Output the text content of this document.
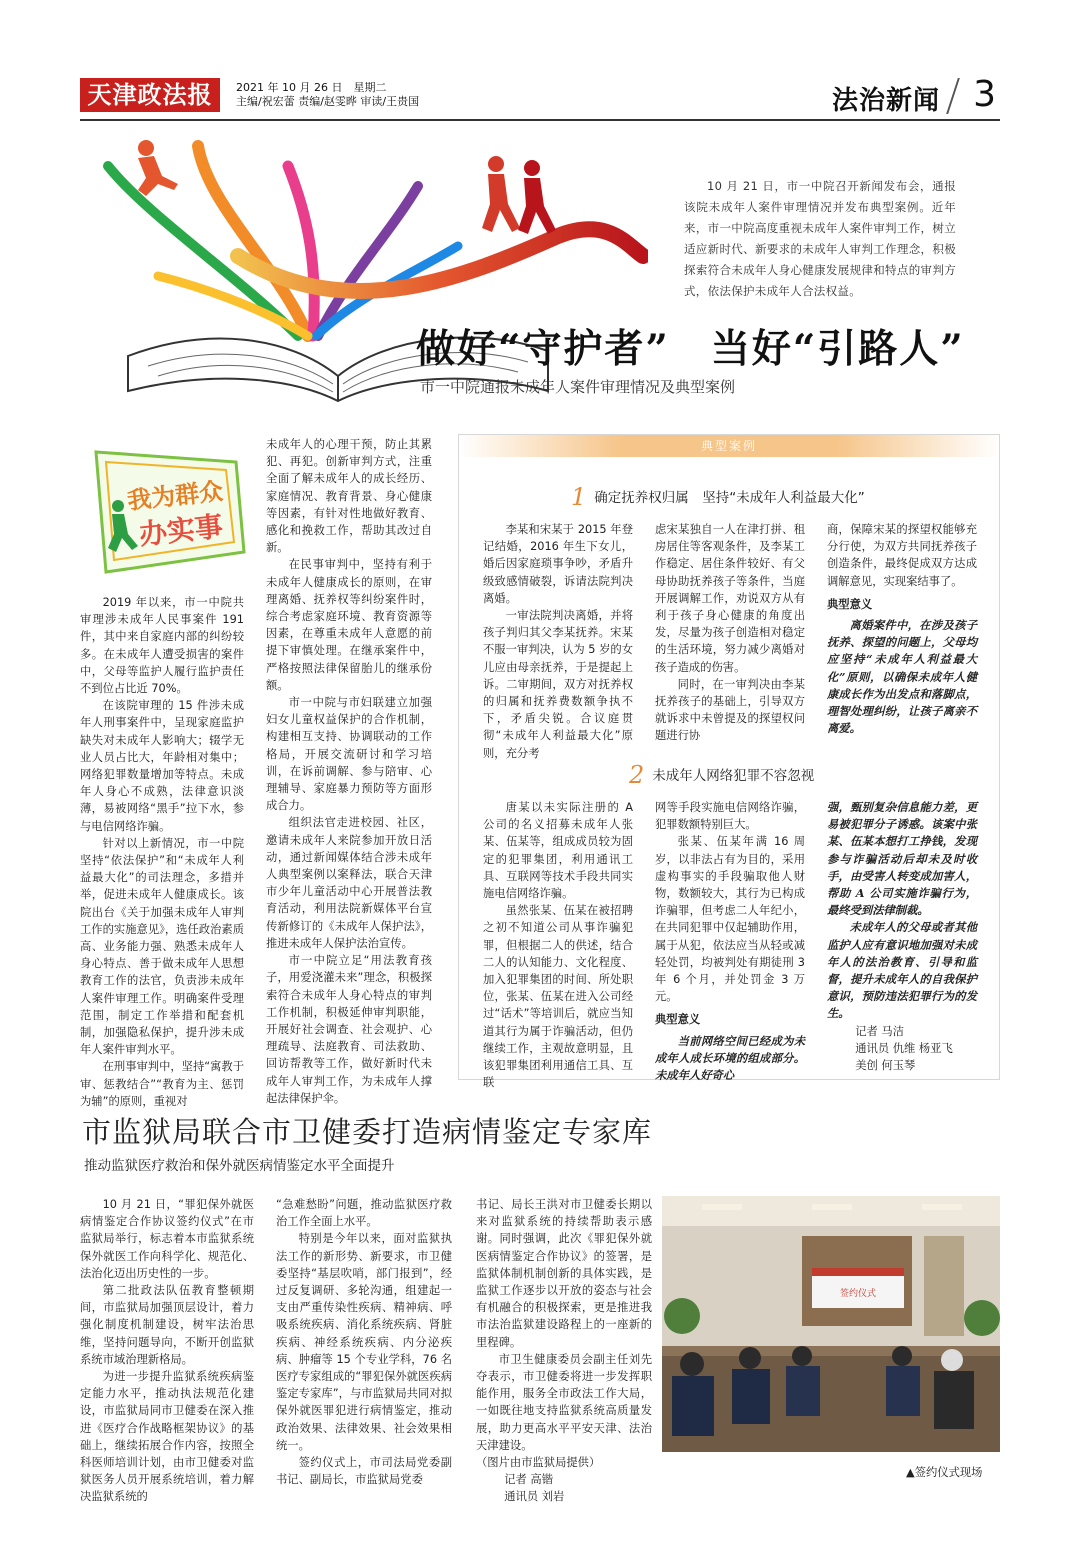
天津政法报	2021 年 10 月 26 日　星期二
主编/祝宏蕾 责编/赵雯晔 审读/王贵国	法治新闻 3
10 月 21 日，市一中院召开新闻发布会，通报该院未成年人案件审理情况并发布典型案例。近年来，市一中院高度重视未成年人案件审判工作，树立适应新时代、新要求的未成年人审判工作理念，积极探索符合未成年人身心健康发展规律和特点的审判方式，依法保护未成年人合法权益。
做好“守护者”　当好“引路人”
市一中院通报未成年人案件审理情况及典型案例
我为群众
办实事

2019 年以来，市一中院共审理涉未成年人民事案件 191 件，其中来自家庭内部的纠纷较多。在未成年人遭受损害的案件中，父母等监护人履行监护责任不到位占比近 70%。

在该院审理的 15 件涉未成年人刑事案件中，呈现家庭监护缺失对未成年人影响大；辍学无业人员占比大，年龄相对集中；网络犯罪数量增加等特点。未成年人身心不成熟，法律意识淡薄，易被网络“黑手”拉下水，参与电信网络诈骗。

针对以上新情况，市一中院坚持“依法保护”和“未成年人利益最大化”的司法理念，多措并举，促进未成年人健康成长。该院出台《关于加强未成年人审判工作的实施意见》，选任政治素质高、业务能力强、熟悉未成年人身心特点、善于做未成年人思想教育工作的法官，负责涉未成年人案件审理工作。明确案件受理范围，制定工作举措和配套机制，加强隐私保护，提升涉未成年人案件审判水平。

在刑事审判中，坚持“寓教于审、惩教结合”“教育为主、惩罚为辅”的原则，重视对

未成年人的心理干预，防止其累犯、再犯。创新审判方式，注重全面了解未成年人的成长经历、家庭情况、教育背景、身心健康等因素，有针对性地做好教育、感化和挽救工作，帮助其改过自新。

在民事审判中，坚持有利于未成年人健康成长的原则，在审理离婚、抚养权等纠纷案件时，综合考虑家庭环境、教育资源等因素，在尊重未成年人意愿的前提下审慎处理。在继承案件中，严格按照法律保留胎儿的继承份额。

市一中院与市妇联建立加强妇女儿童权益保护的合作机制，构建相互支持、协调联动的工作格局，开展交流研讨和学习培训，在诉前调解、参与陪审、心理辅导、家庭暴力预防等方面形成合力。

组织法官走进校园、社区，邀请未成年人来院参加开放日活动，通过新闻媒体结合涉未成年人典型案例以案释法，联合天津市少年儿童活动中心开展普法教育活动，利用法院新媒体平台宣传新修订的《未成年人保护法》，推进未成年人保护法治宣传。

市一中院立足“用法教育孩子，用爱浇灌未来”理念，积极探索符合未成年人身心特点的审判工作机制，积极延伸审判职能，开展好社会调查、社会观护、心理疏导、法庭教育、司法救助、回访帮教等工作，做好新时代未成年人审判工作，为未成年人撑起法律保护伞。

典型案例
1 确定抚养权归属　坚持“未成年人利益最大化”

李某和宋某于 2015 年登记结婚，2016 年生下女儿，婚后因家庭琐事争吵，矛盾升级致感情破裂，诉请法院判决离婚。

一审法院判决离婚，并将孩子判归其父李某抚养。宋某不服一审判决，认为 5 岁的女儿应由母亲抚养，于是提起上诉。二审期间，双方对抚养权的归属和抚养费数额争执不下，矛盾尖锐。合议庭贯彻“未成年人利益最大化”原则，充分考

虑宋某独自一人在津打拼、租房居住等客观条件，及李某工作稳定、居住条件较好、有父母协助抚养孩子等条件，当庭开展调解工作，劝说双方从有利于孩子身心健康的角度出发，尽量为孩子创造相对稳定的生活环境，努力减少离婚对孩子造成的伤害。

同时，在一审判决由李某抚养孩子的基础上，引导双方就诉求中未曾提及的探望权问题进行协

商，保障宋某的探望权能够充分行使，为双方共同抚养孩子创造条件，最终促成双方达成调解意见，实现案结事了。

典型意义

离婚案件中，在涉及孩子抚养、探望的问题上，父母均应坚持“未成年人利益最大化”原则，以确保未成年人健康成长作为出发点和落脚点，理智处理纠纷，让孩子离亲不离爱。

2 未成年人网络犯罪不容忽视

唐某以未实际注册的 A 公司的名义招募未成年人张某、伍某等，组成成员较为固定的犯罪集团，利用通讯工具、互联网等技术手段共同实施电信网络诈骗。

虽然张某、伍某在被招聘之初不知道公司从事诈骗犯罪，但根据二人的供述，结合二人的认知能力、文化程度、加入犯罪集团的时间、所处职位，张某、伍某在进入公司经过“话术”等培训后，就应当知道其行为属于诈骗活动，但仍继续工作，主观故意明显，且该犯罪集团利用通信工具、互联

网等手段实施电信网络诈骗，犯罪数额特别巨大。

张某、伍某年满 16 周岁，以非法占有为目的，采用虚构事实的手段骗取他人财物，数额较大，其行为已构成诈骗罪，但考虑二人年纪小，在共同犯罪中仅起辅助作用，属于从犯，依法应当从轻或减轻处罚，均被判处有期徒刑 3 年 6 个月，并处罚金 3 万元。

典型意义

当前网络空间已经成为未成年人成长环境的组成部分。未成年人好奇心

强，甄别复杂信息能力差，更易被犯罪分子诱惑。该案中张某、伍某本想打工挣钱，发现参与诈骗活动后却未及时收手，由受害人转变成加害人，帮助 A 公司实施诈骗行为，最终受到法律制裁。

未成年人的父母或者其他监护人应有意识地加强对未成年人的法治教育、引导和监督，提升未成年人的自我保护意识，预防违法犯罪行为的发生。

记者 马洁

通讯员 仇维 杨亚飞

美创 何玉琴

市监狱局联合市卫健委打造病情鉴定专家库
推动监狱医疗救治和保外就医病情鉴定水平全面提升

10 月 21 日，“罪犯保外就医病情鉴定合作协议签约仪式”在市监狱局举行，标志着本市监狱系统保外就医工作向科学化、规范化、法治化迈出历史性的一步。

第二批政法队伍教育整顿期间，市监狱局加强顶层设计，着力强化制度机制建设，树牢法治思维，坚持问题导向，不断开创监狱系统市域治理新格局。

为进一步提升监狱系统疾病鉴定能力水平，推动执法规范化建设，市监狱局同市卫健委在深入推进《医疗合作战略框架协议》的基础上，继续拓展合作内容，按照全科医师培训计划，由市卫健委对监狱医务人员开展系统培训，着力解决监狱系统的

“急难愁盼”问题，推动监狱医疗救治工作全面上水平。

特别是今年以来，面对监狱执法工作的新形势、新要求，市卫健委坚持“基层吹哨，部门报到”，经过反复调研、多轮沟通，组建起一支由严重传染性疾病、精神病、呼吸系统疾病、消化系统疾病、肾脏疾病、神经系统疾病、内分泌疾病、肿瘤等 15 个专业学科，76 名医疗专家组成的“罪犯保外就医疾病鉴定专家库”，与市监狱局共同对拟保外就医罪犯进行病情鉴定，推动政治效果、法律效果、社会效果相统一。

签约仪式上，市司法局党委副书记、副局长，市监狱局党委

书记、局长王洪对市卫健委长期以来对监狱系统的持续帮助表示感谢。同时强调，此次《罪犯保外就医病情鉴定合作协议》的签署，是监狱体制机制创新的具体实践，是监狱工作逐步以开放的姿态与社会有机融合的积极探索，更是推进我市法治监狱建设路程上的一座新的里程碑。

市卫生健康委员会副主任刘先夺表示，市卫健委将进一步发挥职能作用，服务全市政法工作大局，一如既往地支持监狱系统高质量发展，助力更高水平平安天津、法治天津建设。

（图片由市监狱局提供）

记者 高锴

通讯员 刘岩

签约仪式
▲签约仪式现场
